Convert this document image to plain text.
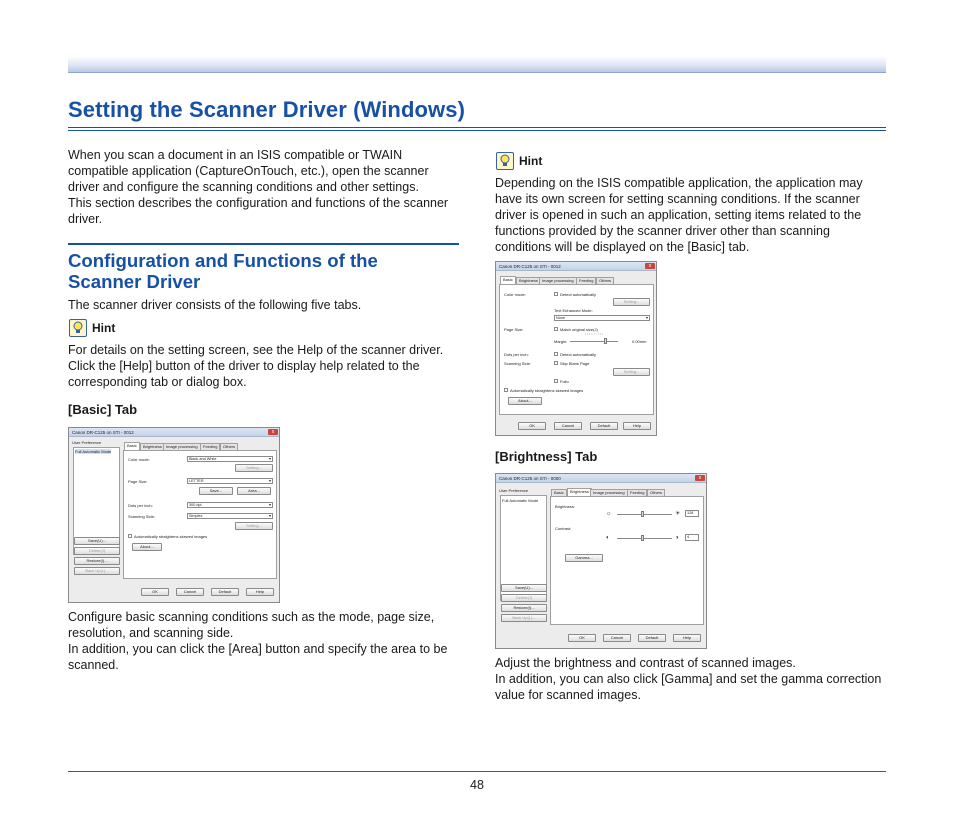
Setting the Scanner Driver (Windows)
When you scan a document in an ISIS compatible or TWAIN
compatible application (CaptureOnTouch, etc.), open the scanner
driver and configure the scanning conditions and other settings.
This section describes the configuration and functions of the scanner
driver.
Configuration and Functions of the
Scanner Driver
The scanner driver consists of the following five tabs.
Hint
For details on the setting screen, see the Help of the scanner driver.
Click the [Help] button of the driver to display help related to the
corresponding tab or dialog box.
[Basic] Tab
Canon DR-C125 on STI - 0012	x
User Preference
Full Automatic Mode
Save(U)...
Delete(J)
Restore(I)...
Back Up(L)...
Basic	Brightness	Image processing	Feeding	Others
Color mode:	Black and White ▾
Setting...
Page Size:	LETTER ▾
Save...	Area...
Dots per inch:	300 dpi ▾
Scanning Side:	Simplex ▾
Setting...
Automatically straightens skewed images
About...
OK	Cancel	Default	Help
Configure basic scanning conditions such as the mode, page size,
resolution, and scanning side.
In addition, you can click the [Area] button and specify the area to be
scanned.
Hint
Depending on the ISIS compatible application, the application may
have its own screen for setting scanning conditions. If the scanner
driver is opened in such an application, setting items related to the
functions provided by the scanner driver other than scanning
conditions will be displayed on the [Basic] tab.
Canon DR-C125 on STI - 0012	x
Basic	Brightness	Image processing	Feeding	Others
Color mode:	Detect automatically
Setting...
Text Enhanced Mode:
None ▾
Page Size:	Match original size(J)
:::::::::
Margin:	0.00mm
Dots per inch:	Detect automatically
Scanning Side:	Skip Blank Page
Setting...
Folio
Automatically straightens skewed images
About...
OK	Cancel	Default	Help
[Brightness] Tab
Canon DR-C125 on STI - 0000	x
User Preference
Full Automatic Mode
Save(U)...
Delete(J)
Restore(I)...
Back Up(L)...
Basic	Brightness	Image processing	Feeding	Others
Brightness:
☼	☀	128
Contrast:
◐	◑	4
Gamma...
OK	Cancel	Default	Help
Adjust the brightness and contrast of scanned images.
In addition, you can also click [Gamma] and set the gamma correction
value for scanned images.
48
